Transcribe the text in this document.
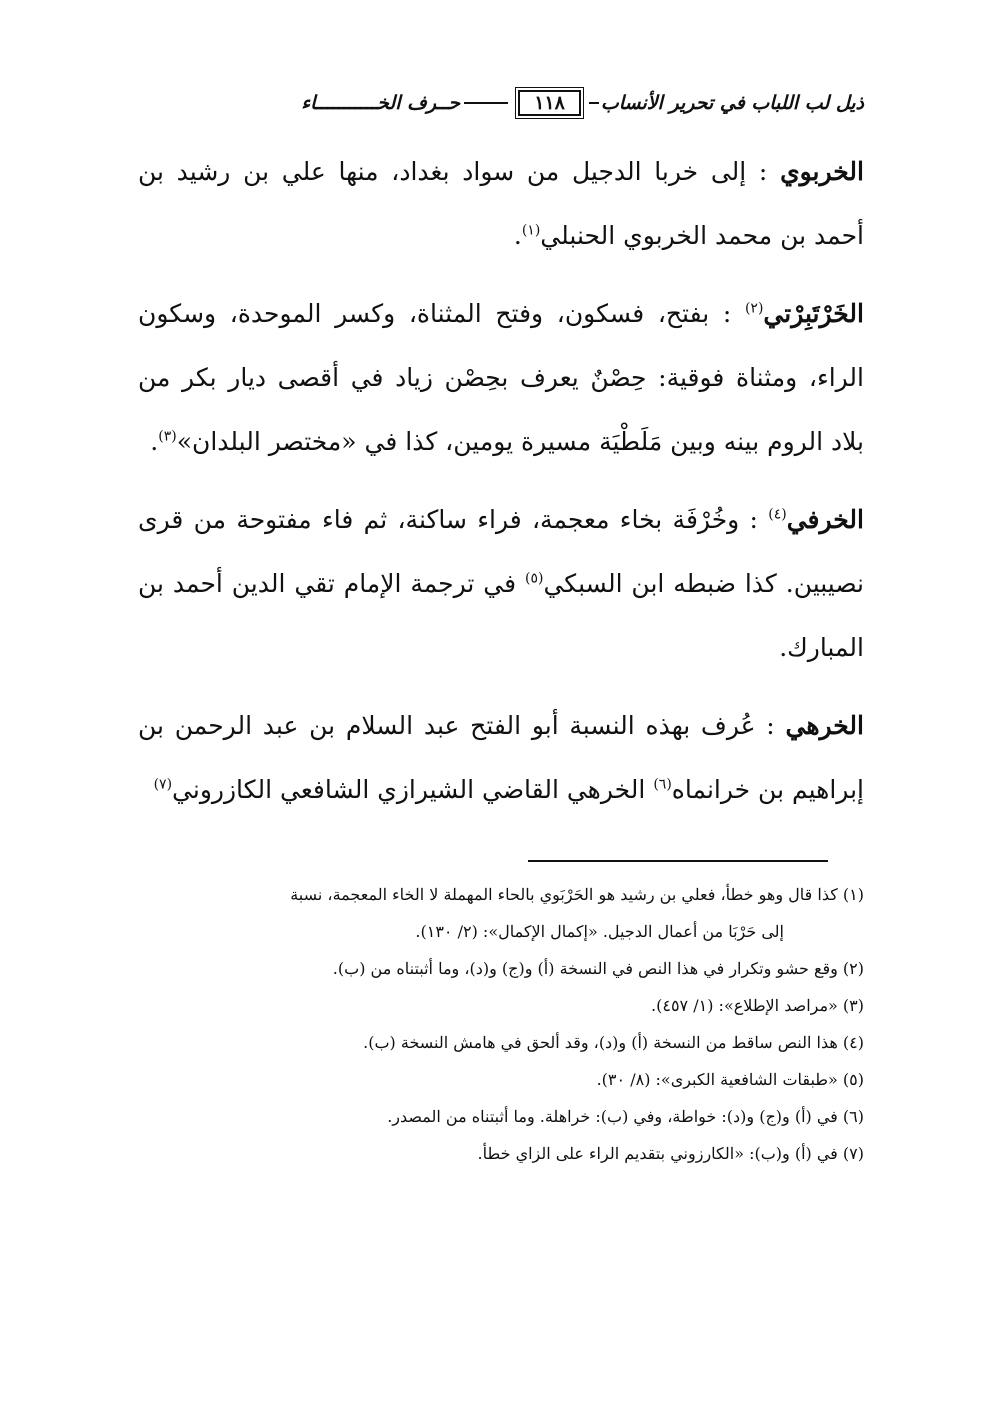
ذيل لب اللباب في تحرير الأنساب
١١٨
حــرف الخـــــــــــاء

الخربوي : إلى خربا الدجيل من سواد بغداد، منها علي بن رشيد بن أحمد بن محمد الخربوي الحنبلي$^{(١)}$.

الخَرْتَبِرْتي$^{(٢)}$ : بفتح، فسكون، وفتح المثناة، وكسر الموحدة، وسكون الراء، ومثناة فوقية: حِصْنٌ يعرف بحِصْن زياد في أقصى ديار بكر من بلاد الروم بينه وبين مَلَطْيَة مسيرة يومين، كذا في «مختصر البلدان»$^{(٣)}$.

الخرفي$^{(٤)}$ : وخُرْفَة بخاء معجمة، فراء ساكنة، ثم فاء مفتوحة من قرى نصيبين. كذا ضبطه ابن السبكي$^{(٥)}$ في ترجمة الإمام تقي الدين أحمد بن المبارك.

الخرهي : عُرف بهذه النسبة أبو الفتح عبد السلام بن عبد الرحمن بن إبراهيم بن خرانماه$^{(٦)}$ الخرهي القاضي الشيرازي الشافعي الكازروني$^{(٧)}$

(١) كذا قال وهو خطأ، فعلي بن رشيد هو الحَرْبَوي بالحاء المهملة لا الخاء المعجمة، نسبة
إلى حَرْبَا من أعمال الدجيل. «إكمال الإكمال»: (٢/ ١٣٠).
(٢) وقع حشو وتكرار في هذا النص في النسخة (أ) و(ج) و(د)، وما أثبتناه من (ب).
(٣) «مراصد الإطلاع»: (١/ ٤٥٧).
(٤) هذا النص ساقط من النسخة (أ) و(د)، وقد ألحق في هامش النسخة (ب).
(٥) «طبقات الشافعية الكبرى»: (٨/ ٣٠).
(٦) في (أ) و(ج) و(د): خواطة، وفي (ب): خراهلة. وما أثبتناه من المصدر.
(٧) في (أ) و(ب): «الكارزوني بتقديم الراء على الزاي خطأ.
